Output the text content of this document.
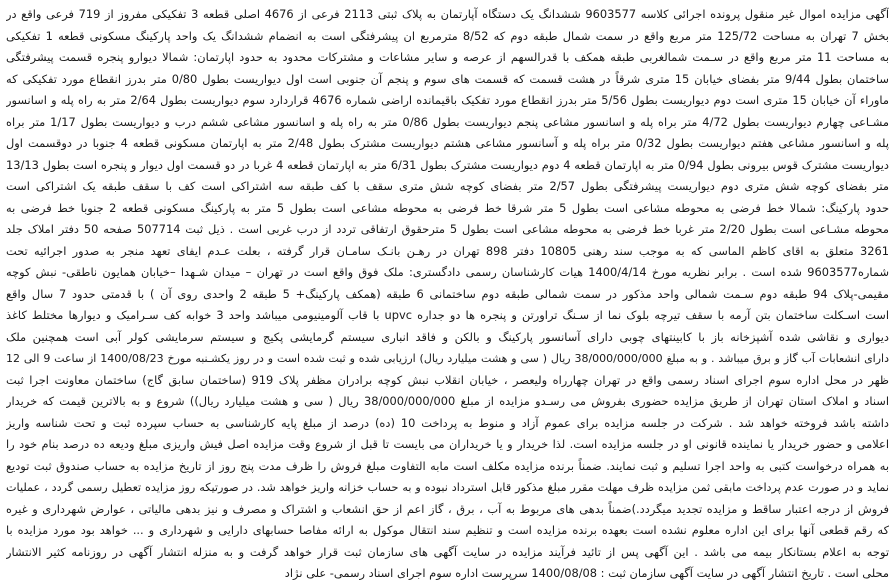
آگهی مزایده اموال غیر منقول پرونده اجرائی کلاسه 9603577 ششدانگ یک دستگاه آپارتمان به پلاک ثبتی 2113 فرعی از 4676 اصلی قطعه 3 تفکیکی مفروز از 719 فرعی واقع در
بخش 7 تهران به مساحت 125/72 متر مربع واقع در سمت شمال طبقه دوم که 8/52 مترمربع ان پیشرفتگی است به انضمام ششدانگ یک واحد پارکینگ مسکونی قطعه 1 تفکیکی
به مساحت 11 متر مربع واقع در سـمت شمالغربی طبقه همکف با قدرالسهم از عرصه و سایر مشاعات و مشترکات محدود به حدود اپارتمان: شمالا دیوارو پنجره قسمت پیشرفتگی
ساختمان بطول 9/44 متر بفضای خیابان 15 متری شرقاً در هشت قسمت که قسمت های سوم و پنجم آن جنوبی است اول دیواریست بطول 0/80 متر بدرز انقطاع مورد تفکیکی که
ماوراء آن خیابان 15 متری است دوم دیواریست بطول 5/56 متر بدرز انقطاع مورد تفکیک باقیمانده اراضی شماره 4676 قراردارد سوم دیواریست بطول 2/64 متر به راه پله و اسانسور
مشـاعی چهارم دیواریست بطول 4/72 متر براه پله و اسانسور مشاعی پنجم دیواریست بطول 0/86 متر به راه پله و اسانسور مشاعی ششم درب و دیواریست بطول 1/17 متر براه
پله و اسانسور مشاعی هفتم دیواریست بطول 0/32 متر براه پله و آسانسور مشاعی هشتم دیواریست مشترک بطول 2/48 متر به اپارتمان مسکونی قطعه 4 جنوبا در دوقسمت اول
دیواریست مشترک قوس بیرونی بطول 0/94 متر به اپارتمان قطعه 4 دوم دیواریست مشترک بطول 6/31 متر به اپارتمان قطعه 4 غربا در دو قسمت اول دیوار و پنجره است بطول 13/13
متر بفضای کوچه شش متری دوم دیواریست پیشرفتگی بطول 2/57 متر بفضای کوچه شش متری سقف با کف طبقه سه اشتراکی است کف با سقف طبقه یک اشتراکی است
حدود پارکینگ: شمالا خط فرضی به محوطه مشاعی است بطول 5 متر شرقا خط فرضی به محوطه مشاعی است بطول 5 متر به پارکینگ مسکونی قطعه 2 جنوبا خط فرضی به
محوطه مشـاعی است بطول 2/20 متر غربا خط فرضی به محوطه مشاعی است بطول 5 مترحقوق ارتفاقی تردد از درب غربی است . ذیل ثبت 507714 صفحه 50 دفتر املاک جلد
3261 متعلق به اقای کاظم الماسی که به موجب سند رهنی 10805 دفتر 898 تهران در رهـن بانـک سامـان قرار گرفته ، بعلت عـدم ایفای تعهد منجر به صدور اجرائیه تحت
شماره9603577 شده است . برابر نظریه مورخ 1400/4/14 هیات کارشناسان رسمی دادگستری: ملک فوق واقع است در تهران – میدان شـهدا –خیابان همایون ناطقی- نبش کوچه
مقیمی-پلاک 94 طبقه دوم سـمت شمالی واحد مذکور در سمت شمالی طبقه دوم ساختمانی 6 طبقه (همکف پارکینگ+ 5 طبقه 2 واحدی روی آن ) با قدمتی حدود 7 سال واقع
است اسـکلت ساختمان بتن آرمه با سقف تیرچه بلوک نما از سـنگ تراورتن و پنجره ها دو جداره upvc با قاب آلومینیومی میباشد واحد 3 خوابه کف سـرامیک و دیوارها مختلط کاغذ
دیواری و نقاشی شده آشپزخانه باز با کابینتهای چوبی دارای آسانسور پارکینگ و بالکن و فاقد انباری سیستم گرمایشی پکیج و سیستم سرمایشی کولر آبی است همچنین ملک
دارای انشعابات آب گاز و برق میباشد . و به مبلغ 38/000/000/000 ریال ( سی و هشت میلیارد ریال) ارزیابی شده و ثبت شده است و در روز یکشـنبه مورخ 1400/08/23 از ساعت 9 الی 12
ظهر در محل اداره سوم اجرای اسناد رسمی واقع در تهران چهارراه ولیعصر ، خیابان انقلاب نبش کوچه برادران مظفر پلاک 919 (ساختمان سابق گاج) ساختمان معاونت اجرا ثبت
اسناد و املاک استان تهران از طریق مزایده حضوری بفروش می رسـدو مزایده از مبلغ 38/000/000/000 ریال ( سی و هشت میلیارد ریال)) شروع و به بالاترین قیمت که خریدار
داشته باشد فروخته خواهد شد . شرکت در جلسه مزایده برای عموم آزاد و منوط به پرداخت 10 (ده) درصد از مبلغ پایه کارشناسی به حساب سپرده ثبت و تحت شناسه واریز
اعلامی و حضور خریدار یا نماینده قانونی او در جلسه مزایده است. لذا خریدار و یا خریداران می بایست تا قبل از شروع وقت مزایده اصل فیش واریزی مبلغ ودیعه ده درصد بنام خود را
به همراه درخواست کتبی به واحد اجرا تسلیم و ثبت نمایند. ضمناً برنده مزایده مکلف است مابه التفاوت مبلغ فروش را ظرف مدت پنج روز از تاریخ مزایده به حساب صندوق ثبت تودیع
نماید و در صورت عدم پرداخت مابقی ثمن مزایده ظرف مهلت مقرر مبلغ مذکور قابل استرداد نبوده و به حساب خزانه واریز خواهد شد. در صورتیکه روز مزایده تعطیل رسمی گردد ، عملیات
فروش از درجه اعتبار ساقط و مزایده تجدید میگردد.)ضمناً بدهی های مربوط به آب ، برق ، گاز اعم از حق انشعاب و اشتراک و مصرف و نیز بدهی مالیاتی ، عوارض شهرداری و غیره
که رقم قطعی آنها برای این اداره معلوم نشده است بعهده برنده مزایده است و تنظیم سند انتقال موکول به ارائه مفاصا حسابهای دارایی و شهرداری و ... خواهد بود مورد مزایده با
توجه به اعلام بستانکار بیمه می باشد . این آگهی پس از تائید فرآیند مزایده در سایت آگهی های سازمان ثبت قرار خواهد گرفت و به منزله انتشار آگهی در روزنامه کثیر الانتشار
محلی است . تاریخ انتشار آگهی در سایت آگهی سازمان ثبت : 1400/08/08 سرپرست اداره سوم اجرای اسناد رسمی- علی نژاد
